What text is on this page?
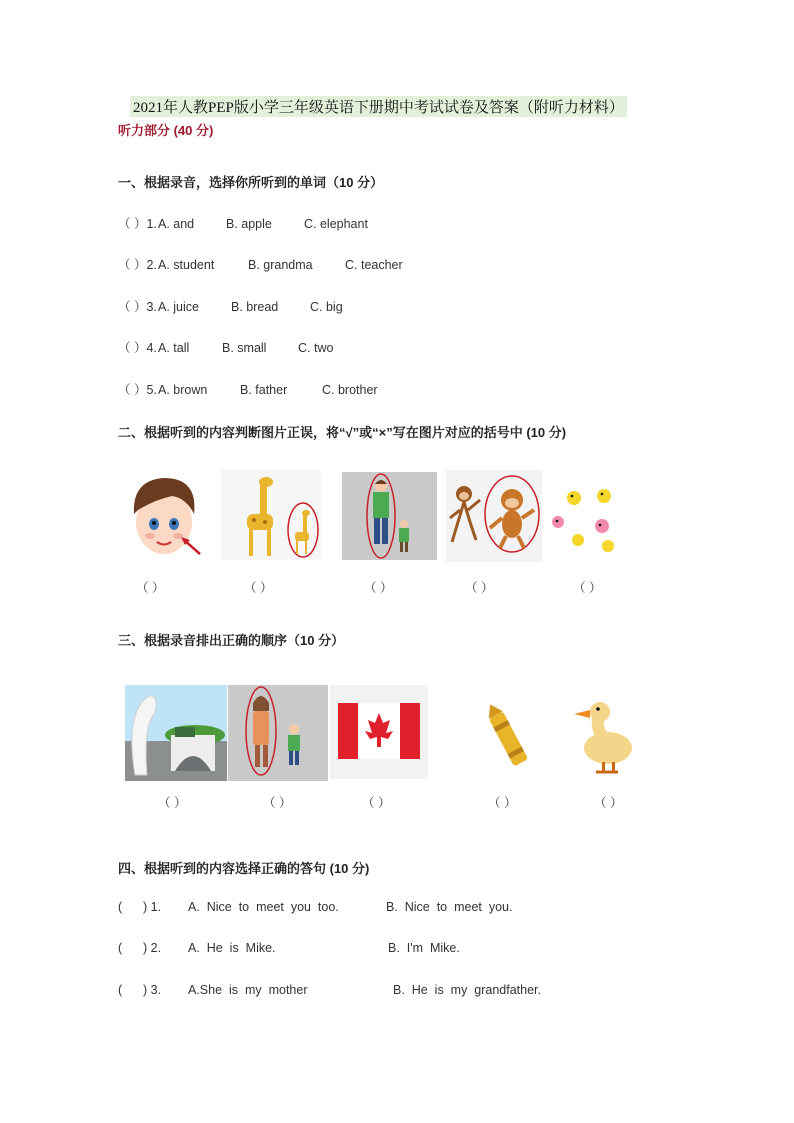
2021年人教PEP版小学三年级英语下册期中考试试卷及答案（附听力材料）
听力部分 (40 分)
一、根据录音，选择你所听到的单词（10 分）
（ ）1.A. and	B. apple	C. elephant
（ ）2.A. student	B. grandma	C. teacher
（ ）3.A. juice	B. bread	C. big
（ ）4.A. tall	B. small	C. two
（ ）5.A. brown	B. father	C. brother
二、根据听到的内容判断图片正误，将“√”或“×”写在图片对应的括号中 (10 分)
（ ）	（ ）	（ ）	（ ）	（ ）
三、根据录音排出正确的顺序（10 分）
（ ）	（ ）	（ ）	（ ）	（ ）
四、根据听到的内容选择正确的答句 (10 分)
(      ) 1. A.  Nice  to  meet  you  too.	B.  Nice  to  meet  you.
(      ) 2. A.  He  is  Mike.	B.  I'm  Mike.
(      ) 3. A.She  is  my  mother	B.  He  is  my  grandfather.
